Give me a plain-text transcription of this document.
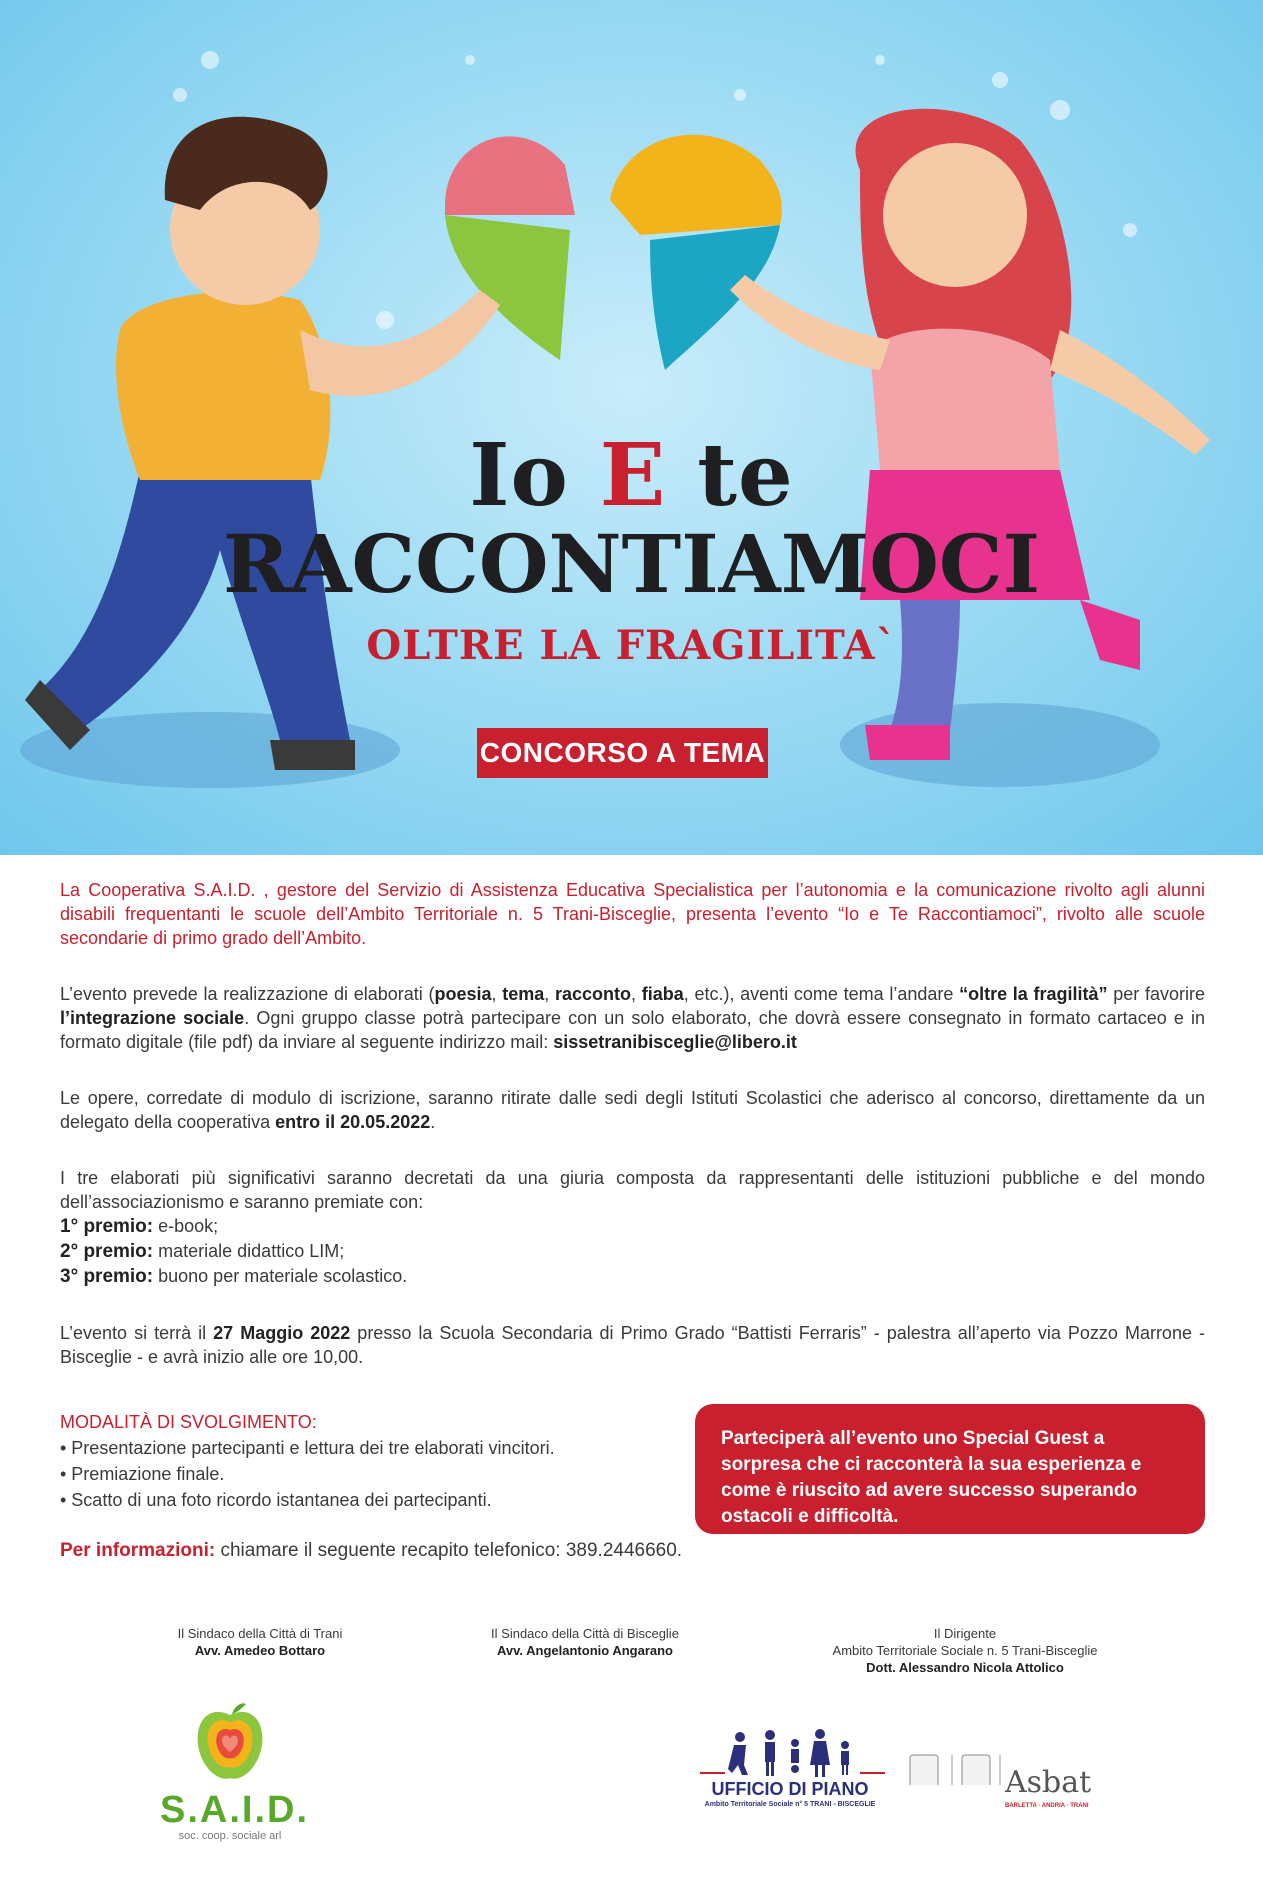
Io E te
RACCONTIAMOCI
OLTRE LA FRAGILITA`
CONCORSO A TEMA

La Cooperativa S.A.I.D. , gestore del Servizio di Assistenza Educativa Specialistica per l’autonomia e la comunicazione rivolto agli alunni disabili frequentanti le scuole dell’Ambito Territoriale n. 5 Trani-Bisceglie, presenta l’evento “Io e Te Raccontiamoci”, rivolto alle scuole secondarie di primo grado dell’Ambito.

L’evento prevede la realizzazione di elaborati (poesia, tema, racconto, fiaba, etc.), aventi come tema l’andare “oltre la fragilità” per favorire l’integrazione sociale. Ogni gruppo classe potrà partecipare con un solo elaborato, che dovrà essere consegnato in formato cartaceo e in formato digitale (file pdf) da inviare al seguente indirizzo mail: sissetranibisceglie@libero.it

Le opere, corredate di modulo di iscrizione, saranno ritirate dalle sedi degli Istituti Scolastici che aderisco al concorso, direttamente da un delegato della cooperativa entro il 20.05.2022.

I tre elaborati più significativi saranno decretati da una giuria composta da rappresentanti delle istituzioni pubbliche e del mondo dell’associazionismo e saranno premiate con:
1° premio: e-book;
2° premio: materiale didattico LIM;
3° premio: buono per materiale scolastico.

L’evento si terrà il 27 Maggio 2022 presso la Scuola Secondaria di Primo Grado “Battisti Ferraris” - palestra all’aperto via Pozzo Marrone - Bisceglie - e avrà inizio alle ore 10,00.

MODALITÀ DI SVOLGIMENTO:
• Presentazione partecipanti e lettura dei tre elaborati vincitori.
• Premiazione finale.
• Scatto di una foto ricordo istantanea dei partecipanti.
Per informazioni: chiamare il seguente recapito telefonico: 389.2446660.
Parteciperà all’evento uno Special Guest a sorpresa che ci racconterà la sua esperienza e come è riuscito ad avere successo superando ostacoli e difficoltà.
Il Sindaco della Città di Trani
Avv. Amedeo Bottaro
Il Sindaco della Città di Bisceglie
Avv. Angelantonio Angarano
Il Dirigente
Ambito Territoriale Sociale n. 5 Trani-Bisceglie
Dott. Alessandro Nicola Attolico
S.A.I.D.
soc. coop. sociale arl
UFFICIO DI PIANO
Ambito Territoriale Sociale n° 5 TRANI - BISCEGLIE
Asbat
BARLETTA · ANDRIA · TRANI
